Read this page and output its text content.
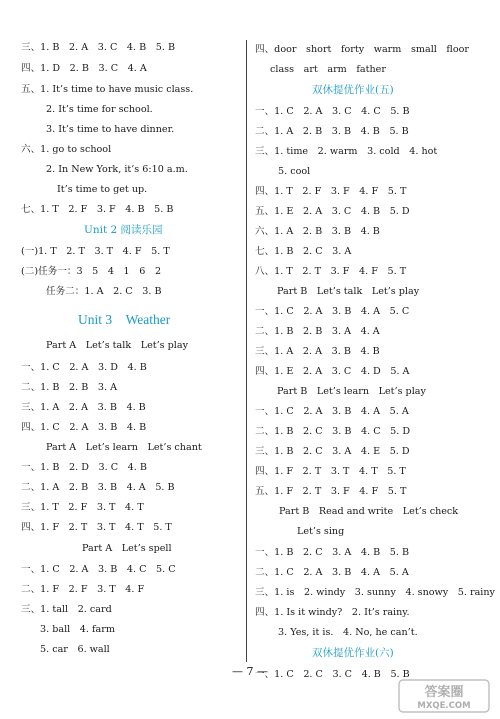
三、1. B　2. A　3. C　4. B　5. B
四、1. D　2. B　3. C　4. A
五、1. It’s time to have music class.
2. It’s time for school.
3. It’s time to have dinner.
六、1. go to school
2. In New York, it’s 6:10 a.m.
It’s time to get up.
七、1. T　2. F　3. F　4. B　5. B
Unit 2 阅读乐园
(一)1. T　2. T　3. T　4. F　5. T
(二)任务一：3　5　4　1　6　2
任务二：1. A　2. C　3. B
Unit 3　Weather
Part A　Let’s talk　Let’s play
一、1. C　2. A　3. D　4. B
二、1. B　2. B　3. A
三、1. A　2. A　3. B　4. B
四、1. C　2. A　3. B　4. B
Part A　Let’s learn　Let’s chant
一、1. B　2. D　3. C　4. B
二、1. A　2. B　3. B　4. A　5. B
三、1. T　2. F　3. T　4. T
四、1. F　2. T　3. T　4. T　5. T
Part A　Let’s spell
一、1. C　2. A　3. B　4. C　5. C
二、1. F　2. F　3. T　4. F
三、1. tall　2. card
3. ball　4. farm
5. car　6. wall
四、door　short　forty　warm　small　floor
class　art　arm　father
双休提优作业(五)
一、1. C　2. A　3. C　4. C　5. B
二、1. A　2. B　3. B　4. B　5. B
三、1. time　2. warm　3. cold　4. hot
5. cool
四、1. T　2. F　3. F　4. F　5. T
五、1. E　2. A　3. C　4. B　5. D
六、1. A　2. B　3. B　4. B
七、1. B　2. C　3. A
八、1. T　2. T　3. F　4. F　5. T
Part B　Let’s talk　Let’s play
一、1. C　2. A　3. B　4. A　5. C
二、1. B　2. B　3. A　4. A
三、1. A　2. A　3. B　4. B
四、1. E　2. A　3. C　4. D　5. A
Part B　Let’s learn　Let’s play
一、1. C　2. A　3. B　4. A　5. A
二、1. B　2. C　3. B　4. C　5. D
三、1. B　2. C　3. A　4. E　5. D
四、1. F　2. T　3. T　4. T　5. T
五、1. F　2. T　3. F　4. F　5. T
Part B　Read and write　Let’s check
Let’s sing
一、1. B　2. C　3. A　4. B　5. B
二、1. C　2. A　3. B　4. A　5. A
三、1. is　2. windy　3. sunny　4. snowy　5. rainy
四、1. Is it windy?　2. It’s rainy.
3. Yes, it is.　4. No, he can’t.
双休提优作业(六)
一、1. C　2. C　3. C　4. B　5. B
— 7 —
答案圈
MXQE.COM
